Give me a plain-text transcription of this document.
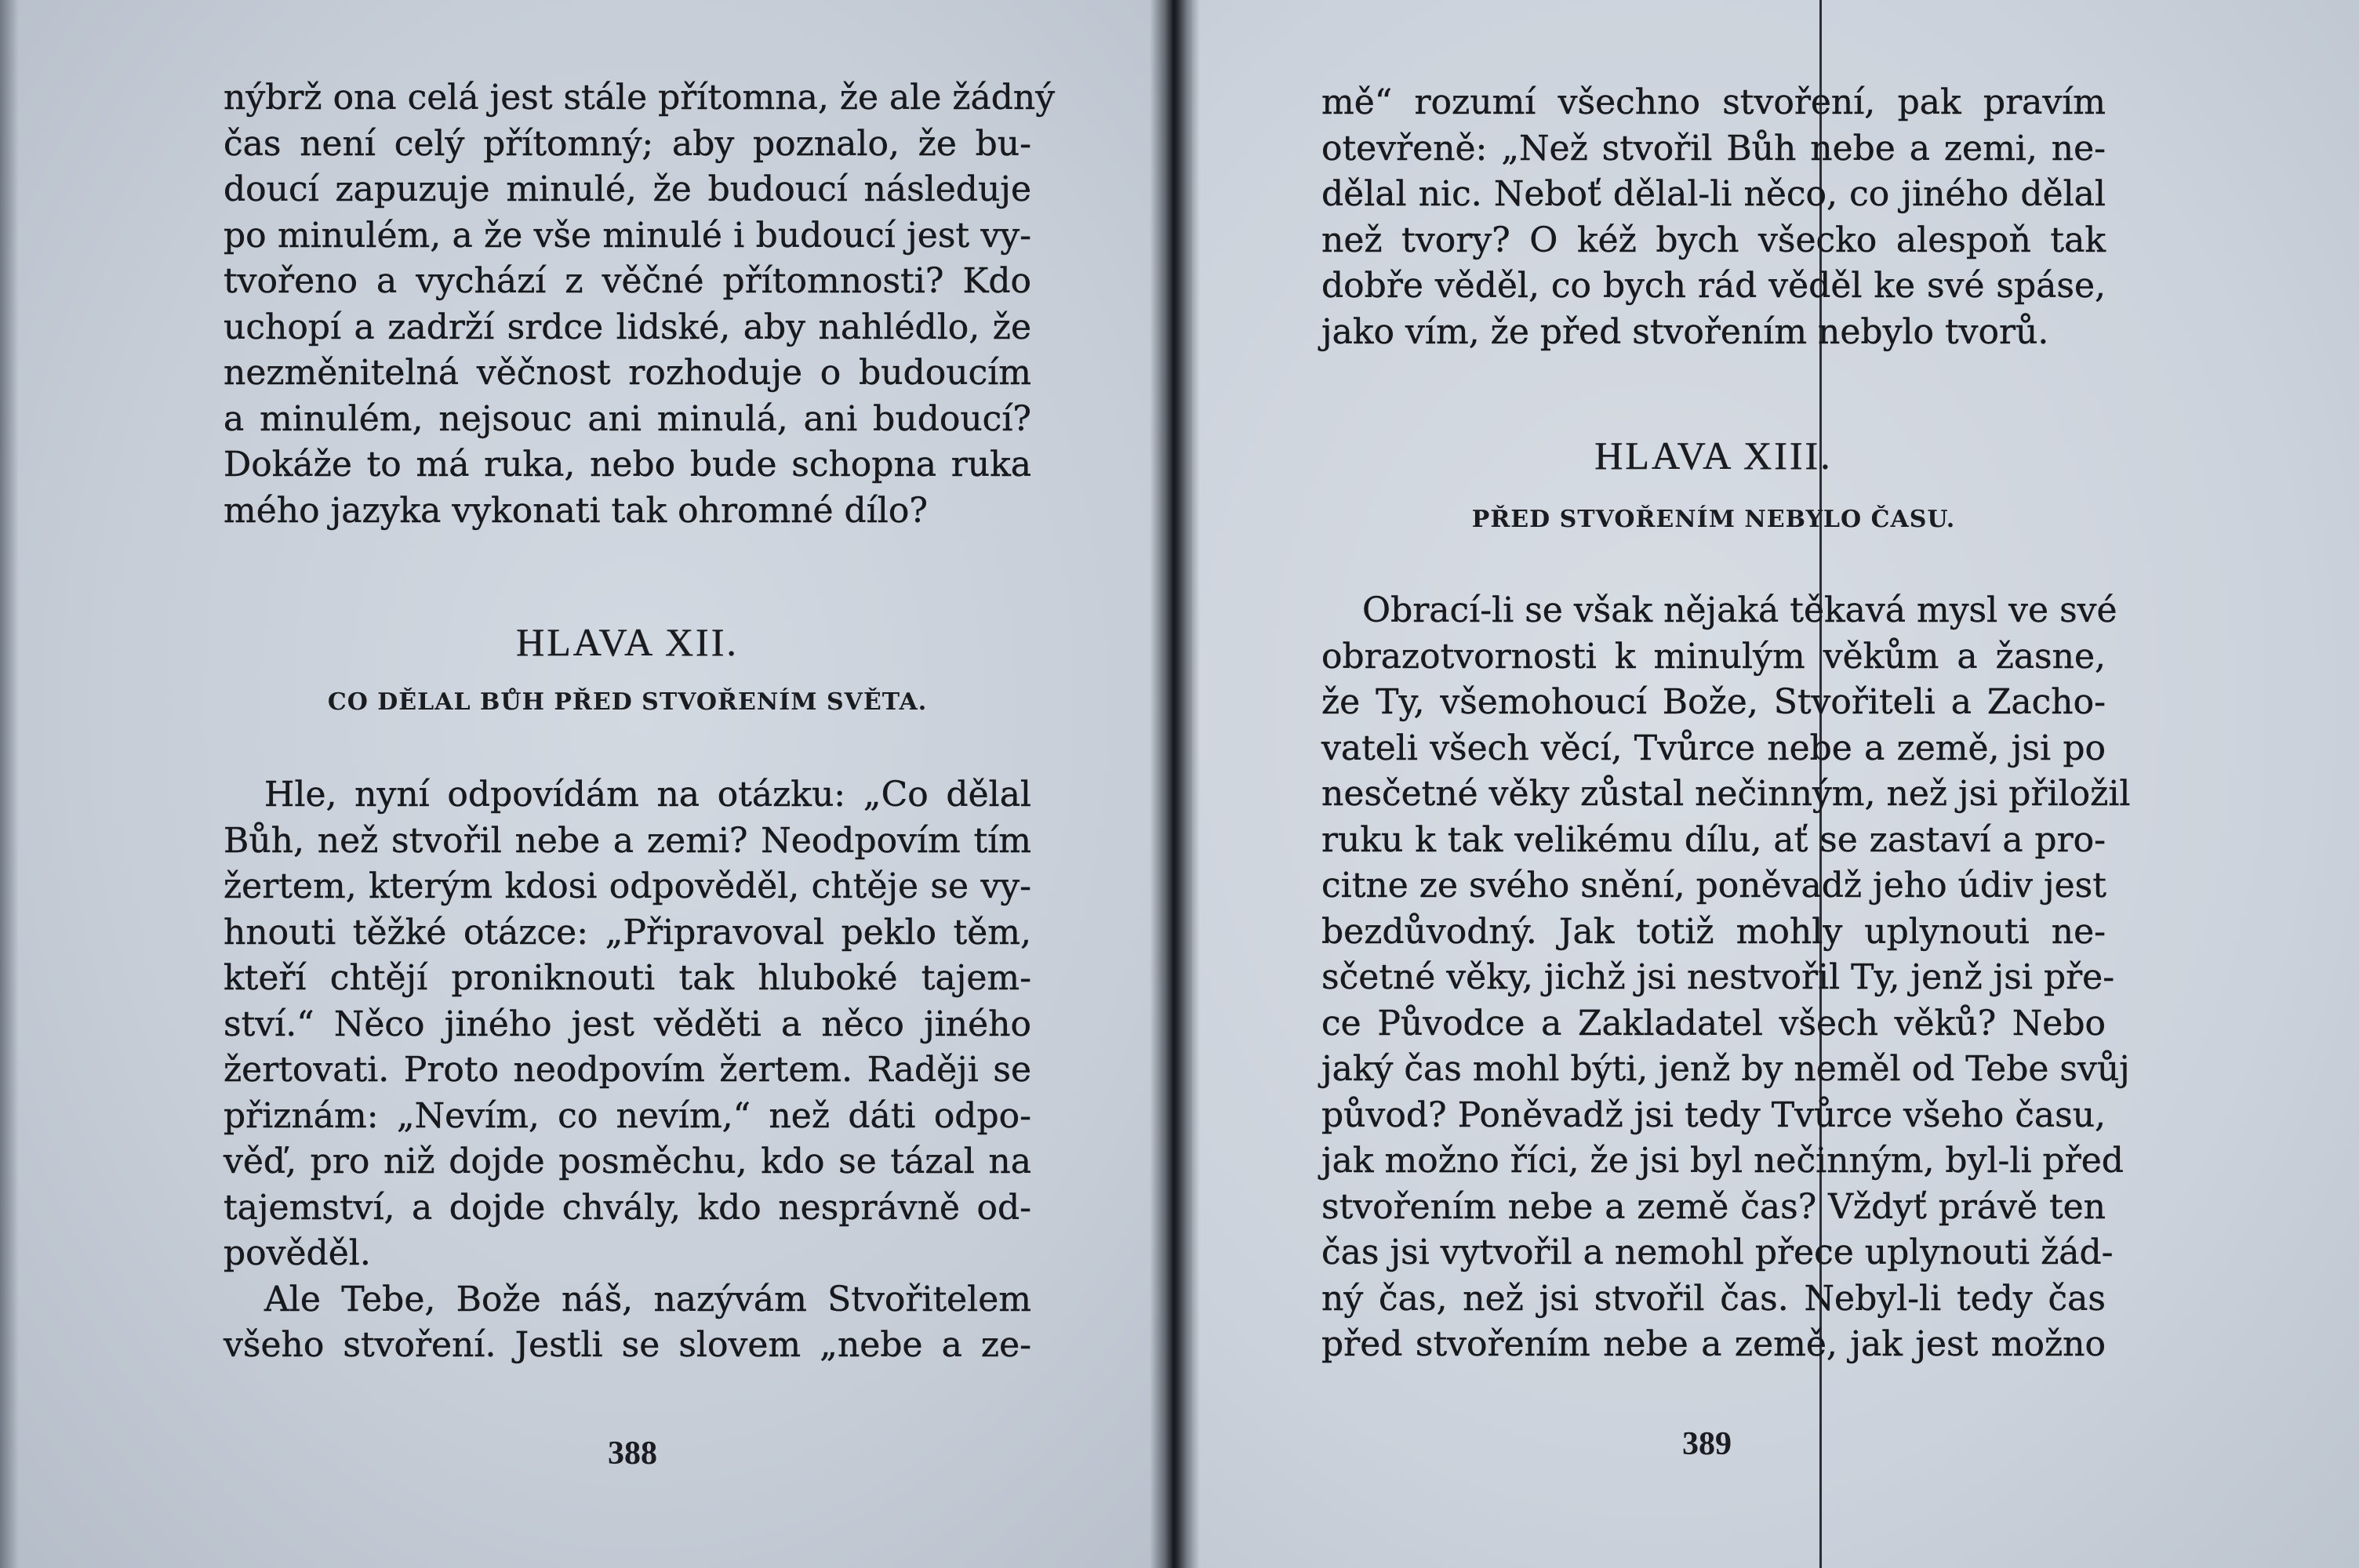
nýbrž ona celá jest stále přítomna, že ale žádný
čas není celý přítomný; aby poznalo, že bu-
doucí zapuzuje minulé, že budoucí následuje
po minulém, a že vše minulé i budoucí jest vy-
tvořeno a vychází z věčné přítomnosti? Kdo
uchopí a zadrží srdce lidské, aby nahlédlo, že
nezměnitelná věčnost rozhoduje o budoucím
a minulém, nejsouc ani minulá, ani budoucí?
Dokáže to má ruka, nebo bude schopna ruka
mého jazyka vykonati tak ohromné dílo?
HLAVA XII.
CO DĚLAL BŮH PŘED STVOŘENÍM SVĚTA.
Hle, nyní odpovídám na otázku: „Co dělal
Bůh, než stvořil nebe a zemi? Neodpovím tím
žertem, kterým kdosi odpověděl, chtěje se vy-
hnouti těžké otázce: „Připravoval peklo těm,
kteří chtějí proniknouti tak hluboké tajem-
ství.“ Něco jiného jest věděti a něco jiného
žertovati. Proto neodpovím žertem. Raději se
přiznám: „Nevím, co nevím,“ než dáti odpo-
věď, pro niž dojde posměchu, kdo se tázal na
tajemství, a dojde chvály, kdo nesprávně od-
pověděl.
Ale Tebe, Bože náš, nazývám Stvořitelem
všeho stvoření. Jestli se slovem „nebe a ze-
388
mě“ rozumí všechno stvoření, pak pravím
otevřeně: „Než stvořil Bůh nebe a zemi, ne-
dělal nic. Neboť dělal-li něco, co jiného dělal
než tvory? O kéž bych všecko alespoň tak
dobře věděl, co bych rád věděl ke své spáse,
jako vím, že před stvořením nebylo tvorů.
HLAVA XIII.
PŘED STVOŘENÍM NEBYLO ČASU.
Obrací-li se však nějaká těkavá mysl ve své
obrazotvornosti k minulým věkům a žasne,
že Ty, všemohoucí Bože, Stvořiteli a Zacho-
vateli všech věcí, Tvůrce nebe a země, jsi po
nesčetné věky zůstal nečinným, než jsi přiložil
ruku k tak velikému dílu, ať se zastaví a pro-
citne ze svého snění, poněvadž jeho údiv jest
bezdůvodný. Jak totiž mohly uplynouti ne-
sčetné věky, jichž jsi nestvořil Ty, jenž jsi pře-
ce Původce a Zakladatel všech věků? Nebo
jaký čas mohl býti, jenž by neměl od Tebe svůj
původ? Poněvadž jsi tedy Tvůrce všeho času,
jak možno říci, že jsi byl nečinným, byl-li před
stvořením nebe a země čas? Vždyť právě ten
čas jsi vytvořil a nemohl přece uplynouti žád-
ný čas, než jsi stvořil čas. Nebyl-li tedy čas
před stvořením nebe a země, jak jest možno
389
